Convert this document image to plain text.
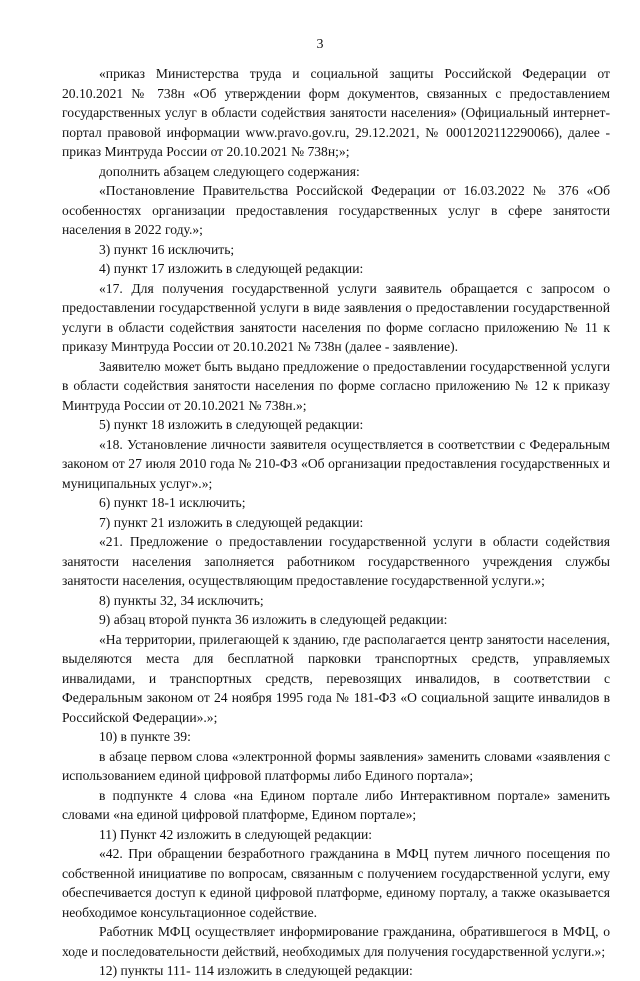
3

«приказ Министерства труда и социальной защиты Российской Федерации от 20.10.2021 № 738н «Об утверждении форм документов, связанных с предоставлением государственных услуг в области содействия занятости населения» (Официальный интернет-портал правовой информации www.pravo.gov.ru, 29.12.2021, № 0001202112290066), далее - приказ Минтруда России от 20.10.2021 № 738н;»;

дополнить абзацем следующего содержания:

«Постановление Правительства Российской Федерации от 16.03.2022 № 376 «Об особенностях организации предоставления государственных услуг в сфере занятости населения в 2022 году.»;

3) пункт 16 исключить;

4) пункт 17 изложить в следующей редакции:

«17. Для получения государственной услуги заявитель обращается с запросом о предоставлении государственной услуги в виде заявления о предоставлении государственной услуги в области содействия занятости населения по форме согласно приложению № 11 к приказу Минтруда России от 20.10.2021 № 738н (далее - заявление).

Заявителю может быть выдано предложение о предоставлении государственной услуги в области содействия занятости населения по форме согласно приложению № 12 к приказу Минтруда России от 20.10.2021 № 738н.»;

5) пункт 18 изложить в следующей редакции:

«18. Установление личности заявителя осуществляется в соответствии с Федеральным законом от 27 июля 2010 года № 210-ФЗ «Об организации предоставления государственных и муниципальных услуг».»;

6) пункт 18-1 исключить;

7) пункт 21 изложить в следующей редакции:

«21. Предложение о предоставлении государственной услуги в области содействия занятости населения заполняется работником государственного учреждения службы занятости населения, осуществляющим предоставление государственной услуги.»;

8) пункты 32, 34 исключить;

9) абзац второй пункта 36 изложить в следующей редакции:

«На территории, прилегающей к зданию, где располагается центр занятости населения, выделяются места для бесплатной парковки транспортных средств, управляемых инвалидами, и транспортных средств, перевозящих инвалидов, в соответствии с Федеральным законом от 24 ноября 1995 года № 181-ФЗ «О социальной защите инвалидов в Российской Федерации».»;

10) в пункте 39:

в абзаце первом слова «электронной формы заявления» заменить словами «заявления с использованием единой цифровой платформы либо Единого портала»;

в подпункте 4 слова «на Едином портале либо Интерактивном портале» заменить словами «на единой цифровой платформе, Едином портале»;

11) Пункт 42 изложить в следующей редакции:

«42. При обращении безработного гражданина в МФЦ путем личного посещения по собственной инициативе по вопросам, связанным с получением государственной услуги, ему обеспечивается доступ к единой цифровой платформе, единому порталу, а также оказывается необходимое консультационное содействие.

Работник МФЦ осуществляет информирование гражданина, обратившегося в МФЦ, о ходе и последовательности действий, необходимых для получения государственной услуги.»;

12) пункты 111- 114 изложить в следующей редакции:
